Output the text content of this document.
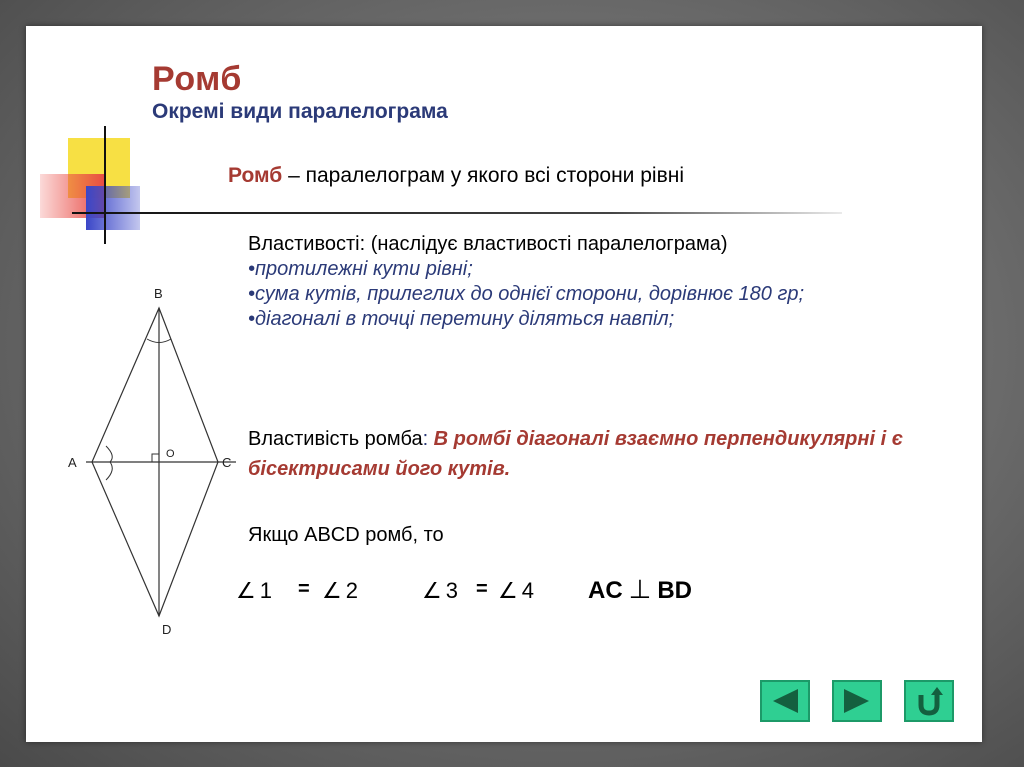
Ромб
Окремі види паралелограма
Ромб – паралелограм у якого всі сторони рівні
Властивості: (наслідує властивості паралелограма)
•протилежні кути рівні;
•сума кутів, прилеглих до однієї сторони, дорівнює 180 гр;
•діагоналі в точці перетину діляться навпіл;
Властивість ромба: В ромбі діагоналі взаємно перпендикулярні і є бісектрисами його кутів.
Якщо ABCD ромб, то
∠ 1 = ∠ 2	∠ 3 = ∠ 4 AC ⊥ BD
B
A	C
D
O
